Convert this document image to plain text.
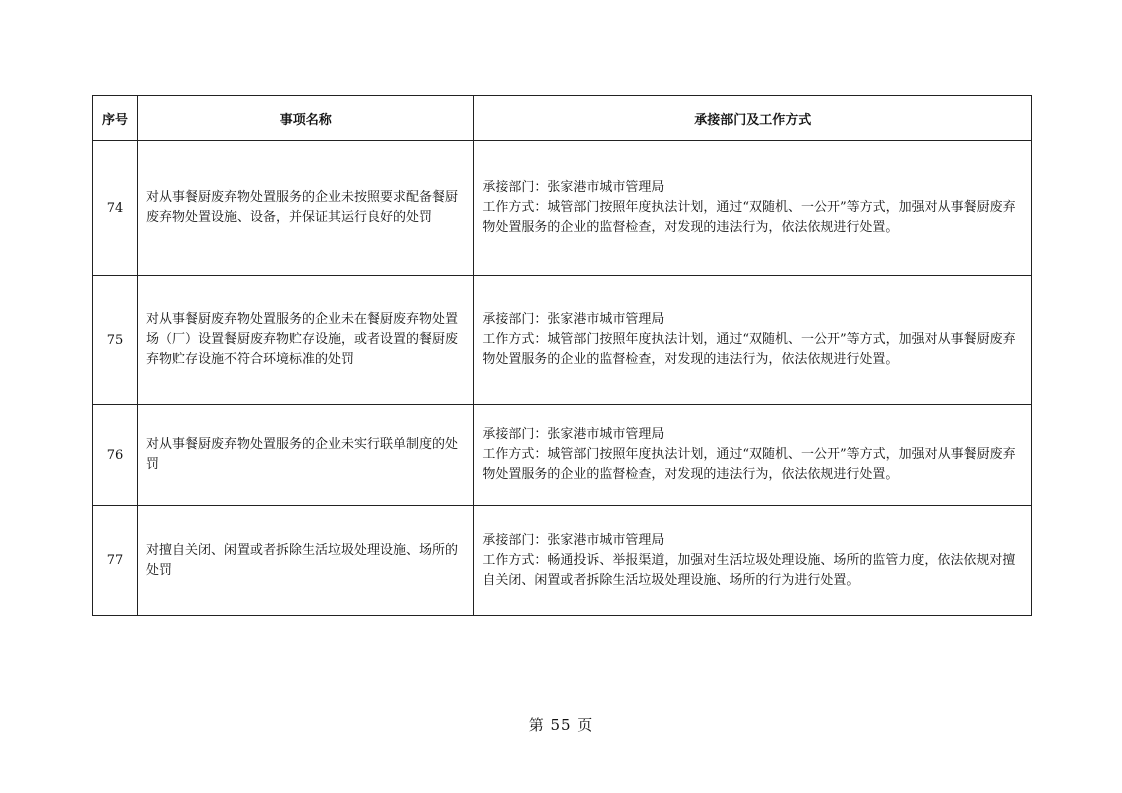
序号	事项名称	承接部门及工作方式
74	对从事餐厨废弃物处置服务的企业未按照要求配备餐厨废弃物处置设施、设备，并保证其运行良好的处罚	承接部门：张家港市城市管理局
工作方式：城管部门按照年度执法计划，通过“双随机、一公开”等方式，加强对从事餐厨废弃物处置服务的企业的监督检查，对发现的违法行为，依法依规进行处置。

75	对从事餐厨废弃物处置服务的企业未在餐厨废弃物处置场（厂）设置餐厨废弃物贮存设施，或者设置的餐厨废弃物贮存设施不符合环境标准的处罚	承接部门：张家港市城市管理局
工作方式：城管部门按照年度执法计划，通过“双随机、一公开”等方式，加强对从事餐厨废弃物处置服务的企业的监督检查，对发现的违法行为，依法依规进行处置。

76	对从事餐厨废弃物处置服务的企业未实行联单制度的处罚	承接部门：张家港市城市管理局
工作方式：城管部门按照年度执法计划，通过“双随机、一公开”等方式，加强对从事餐厨废弃物处置服务的企业的监督检查，对发现的违法行为，依法依规进行处置。

77	对擅自关闭、闲置或者拆除生活垃圾处理设施、场所的处罚	承接部门：张家港市城市管理局
工作方式：畅通投诉、举报渠道，加强对生活垃圾处理设施、场所的监管力度，依法依规对擅自关闭、闲置或者拆除生活垃圾处理设施、场所的行为进行处置。
第 55 页
